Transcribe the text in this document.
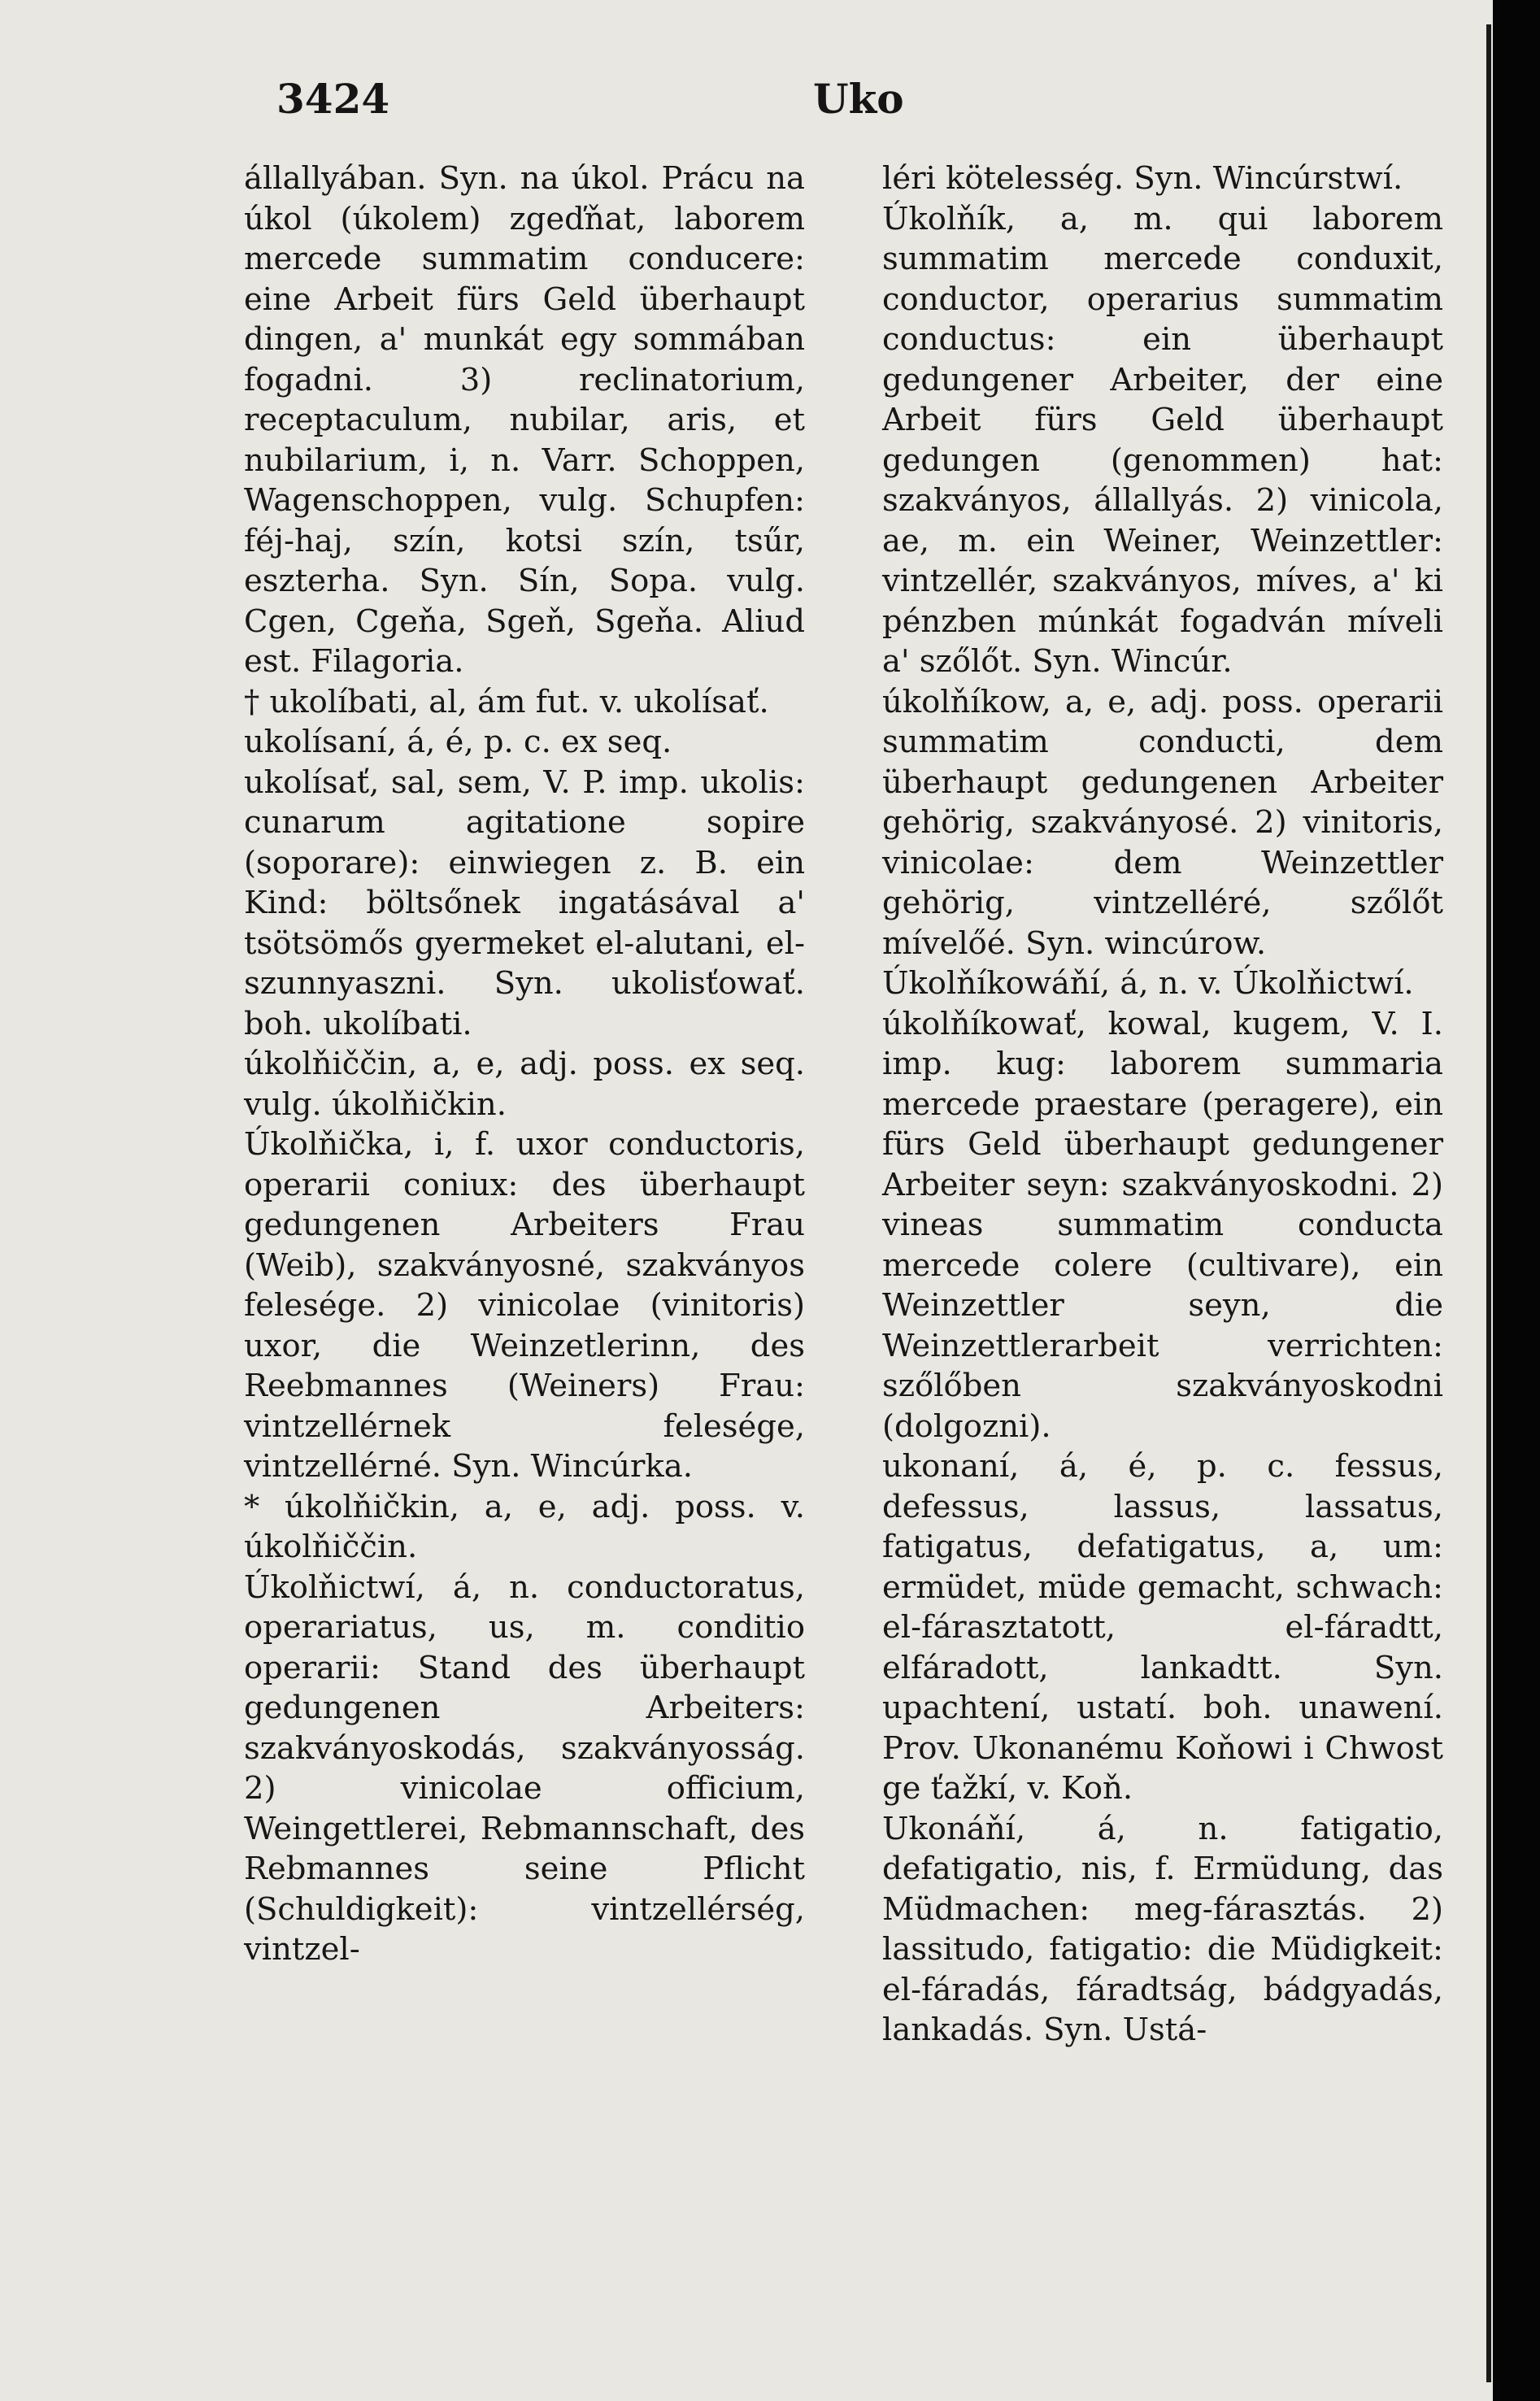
3424	Uko

állallyában. Syn. na úkol. Prácu na úkol (úkolem) zgeďňat, laborem mercede summatim conducere: eine Arbeit fürs Geld überhaupt dingen, a' munkát egy sommában fogadni. 3) reclinatorium, receptaculum, nubilar, aris, et nubilarium, i, n. Varr. Schoppen, Wagenschoppen, vulg. Schupfen: féj-haj, szín, kotsi szín, tsűr, eszterha. Syn. Sín, Sopa. vulg. Cgen, Cgeňa, Sgeň, Sgeňa. Aliud est. Filagoria.

† ukolíbati, al, ám fut. v. ukolísať.

ukolísaní, á, é, p. c. ex seq.

ukolísať, sal, sem, V. P. imp. ukolis: cunarum agitatione sopire (soporare): einwiegen z. B. ein Kind: böltsőnek ingatásával a' tsötsömős gyermeket el-alutani, el-szunnyaszni. Syn. ukolisťowať. boh. ukolíbati.

úkolňiččin, a, e, adj. poss. ex seq. vulg. úkolňičkin.

Úkolňička, i, f. uxor conductoris, operarii coniux: des überhaupt gedungenen Arbeiters Frau (Weib), szakványosné, szakványos felesége. 2) vinicolae (vinitoris) uxor, die Weinzetlerinn, des Reebmannes (Weiners) Frau: vintzellérnek felesége, vintzellérné. Syn. Wincúrka.

* úkolňičkin, a, e, adj. poss. v. úkolňiččin.

Úkolňictwí, á, n. conductoratus, operariatus, us, m. conditio operarii: Stand des überhaupt gedungenen Arbeiters: szakványoskodás, szakványosság. 2) vinicolae officium, Weingettlerei, Rebmannschaft, des Rebmannes seine Pflicht (Schuldigkeit): vintzellérség, vintzel-

léri kötelesség. Syn. Wincúrstwí.

Úkolňík, a, m. qui laborem summatim mercede conduxit, conductor, operarius summatim conductus: ein überhaupt gedungener Arbeiter, der eine Arbeit fürs Geld überhaupt gedungen (genommen) hat: szakványos, állallyás. 2) vinicola, ae, m. ein Weiner, Weinzettler: vintzellér, szakványos, míves, a' ki pénzben múnkát fogadván míveli a' szőlőt. Syn. Wincúr.

úkolňíkow, a, e, adj. poss. operarii summatim conducti, dem überhaupt gedungenen Arbeiter gehörig, szakványosé. 2) vinitoris, vinicolae: dem Weinzettler gehörig, vintzelléré, szőlőt mívelőé. Syn. wincúrow.

Úkolňíkowáňí, á, n. v. Úkolňictwí.

úkolňíkowať, kowal, kugem, V. I. imp. kug: laborem summaria mercede praestare (peragere), ein fürs Geld überhaupt gedungener Arbeiter seyn: szakványoskodni. 2) vineas summatim conducta mercede colere (cultivare), ein Weinzettler seyn, die Weinzettlerarbeit verrichten: szőlőben szakványoskodni (dolgozni).

ukonaní, á, é, p. c. fessus, defessus, lassus, lassatus, fatigatus, defatigatus, a, um: ermüdet, müde gemacht, schwach: el-fárasztatott, el-fáradtt, elfáradott, lankadtt. Syn. upachtení, ustatí. boh. unawení. Prov. Ukonanému Koňowi i Chwost ge ťažkí, v. Koň.

Ukonáňí, á, n. fatigatio, defatigatio, nis, f. Ermüdung, das Müdmachen: meg-fárasztás. 2) lassitudo, fatigatio: die Müdigkeit: el-fáradás, fáradtság, bádgyadás, lankadás. Syn. Ustá-
